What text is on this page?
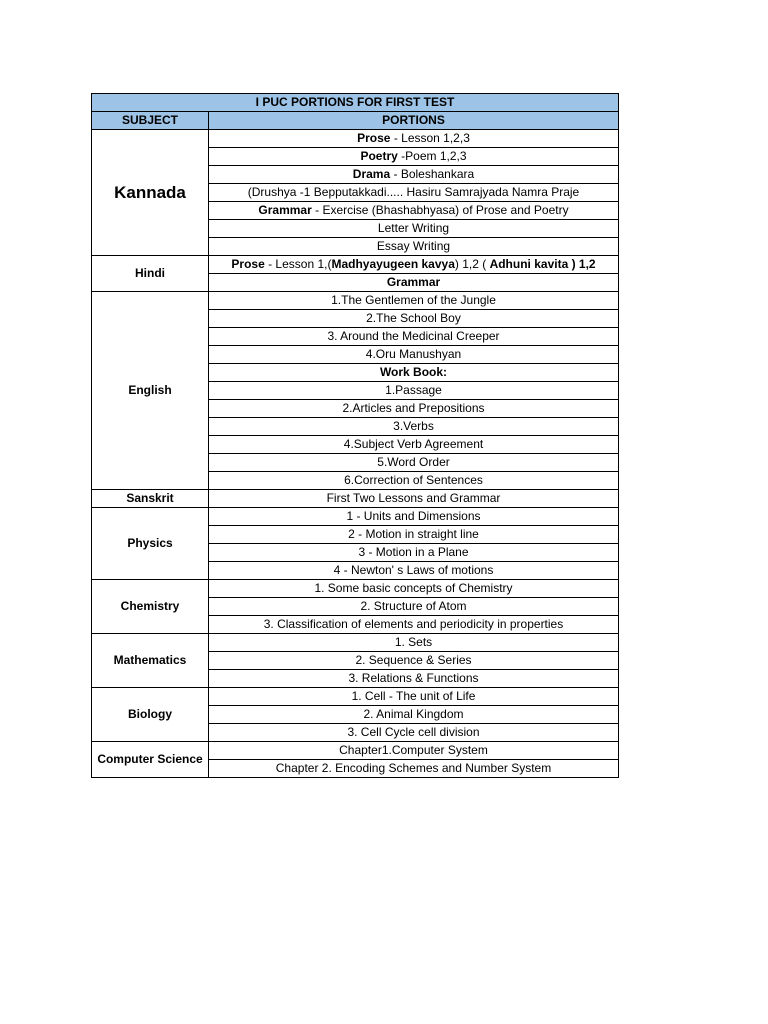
I PUC PORTIONS FOR FIRST TEST	
SUBJECT	PORTIONS
Kannada	Prose - Lesson 1,2,3
	Poetry -Poem 1,2,3
	Drama - Boleshankara
	(Drushya -1 Bepputakkadi..... Hasiru Samrajyada Namra Praje
	Grammar - Exercise (Bhashabhyasa) of Prose and Poetry
	Letter Writing
	Essay Writing
Hindi	Prose - Lesson 1,(Madhyayugeen kavya) 1,2 ( Adhuni kavita ) 1,2
	Grammar
English	1.The Gentlemen of the Jungle
	2.The School Boy
	3. Around the Medicinal Creeper
	4.Oru Manushyan
	Work Book:
	1.Passage
	2.Articles and Prepositions
	3.Verbs
	4.Subject Verb Agreement
	5.Word Order
	6.Correction of Sentences
Sanskrit	First Two Lessons and Grammar
Physics	1 - Units and Dimensions
	2 - Motion in straight line
	3 - Motion in a Plane
	4 - Newton' s Laws of motions
Chemistry	1. Some basic concepts of Chemistry
	2. Structure of Atom
	3. Classification of elements and periodicity in properties
Mathematics	1. Sets
	2. Sequence & Series
	3. Relations & Functions
Biology	1. Cell - The unit of Life
	2. Animal Kingdom
	3. Cell Cycle cell division
Computer Science	Chapter1.Computer System
	Chapter 2. Encoding Schemes and Number System
